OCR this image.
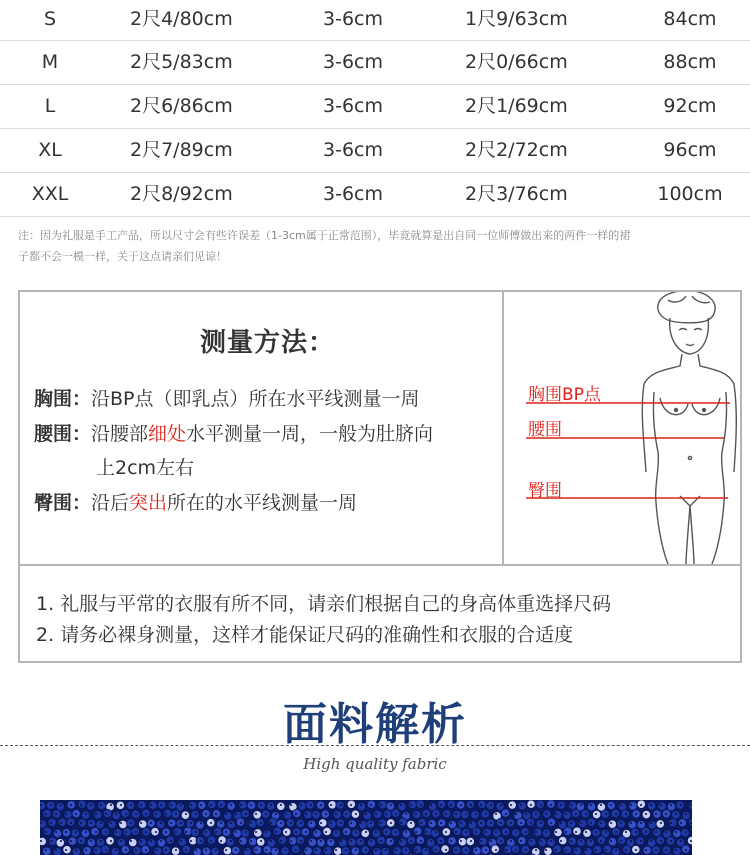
S	2尺4/80cm	3-6cm	1尺9/63cm	84cm
M	2尺5/83cm	3-6cm	2尺0/66cm	88cm
L	2尺6/86cm	3-6cm	2尺1/69cm	92cm
XL	2尺7/89cm	3-6cm	2尺2/72cm	96cm
XXL	2尺8/92cm	3-6cm	2尺3/76cm	100cm
注：因为礼服是手工产品，所以尺寸会有些许误差（1-3cm属于正常范围），毕竟就算是出自同一位师傅做出来的两件一样的裙
子都不会一模一样，关于这点请亲们见谅！
测量方法：
胸围：沿BP点（即乳点）所在水平线测量一周
腰围：沿腰部细处水平测量一周，一般为肚脐向
上2cm左右
臀围：沿后突出所在的水平线测量一周
胸围BP点
腰围
臀围
1. 礼服与平常的衣服有所不同，请亲们根据自己的身高体重选择尺码
2. 请务必裸身测量，这样才能保证尺码的准确性和衣服的合适度
面料解析
High quality fabric
